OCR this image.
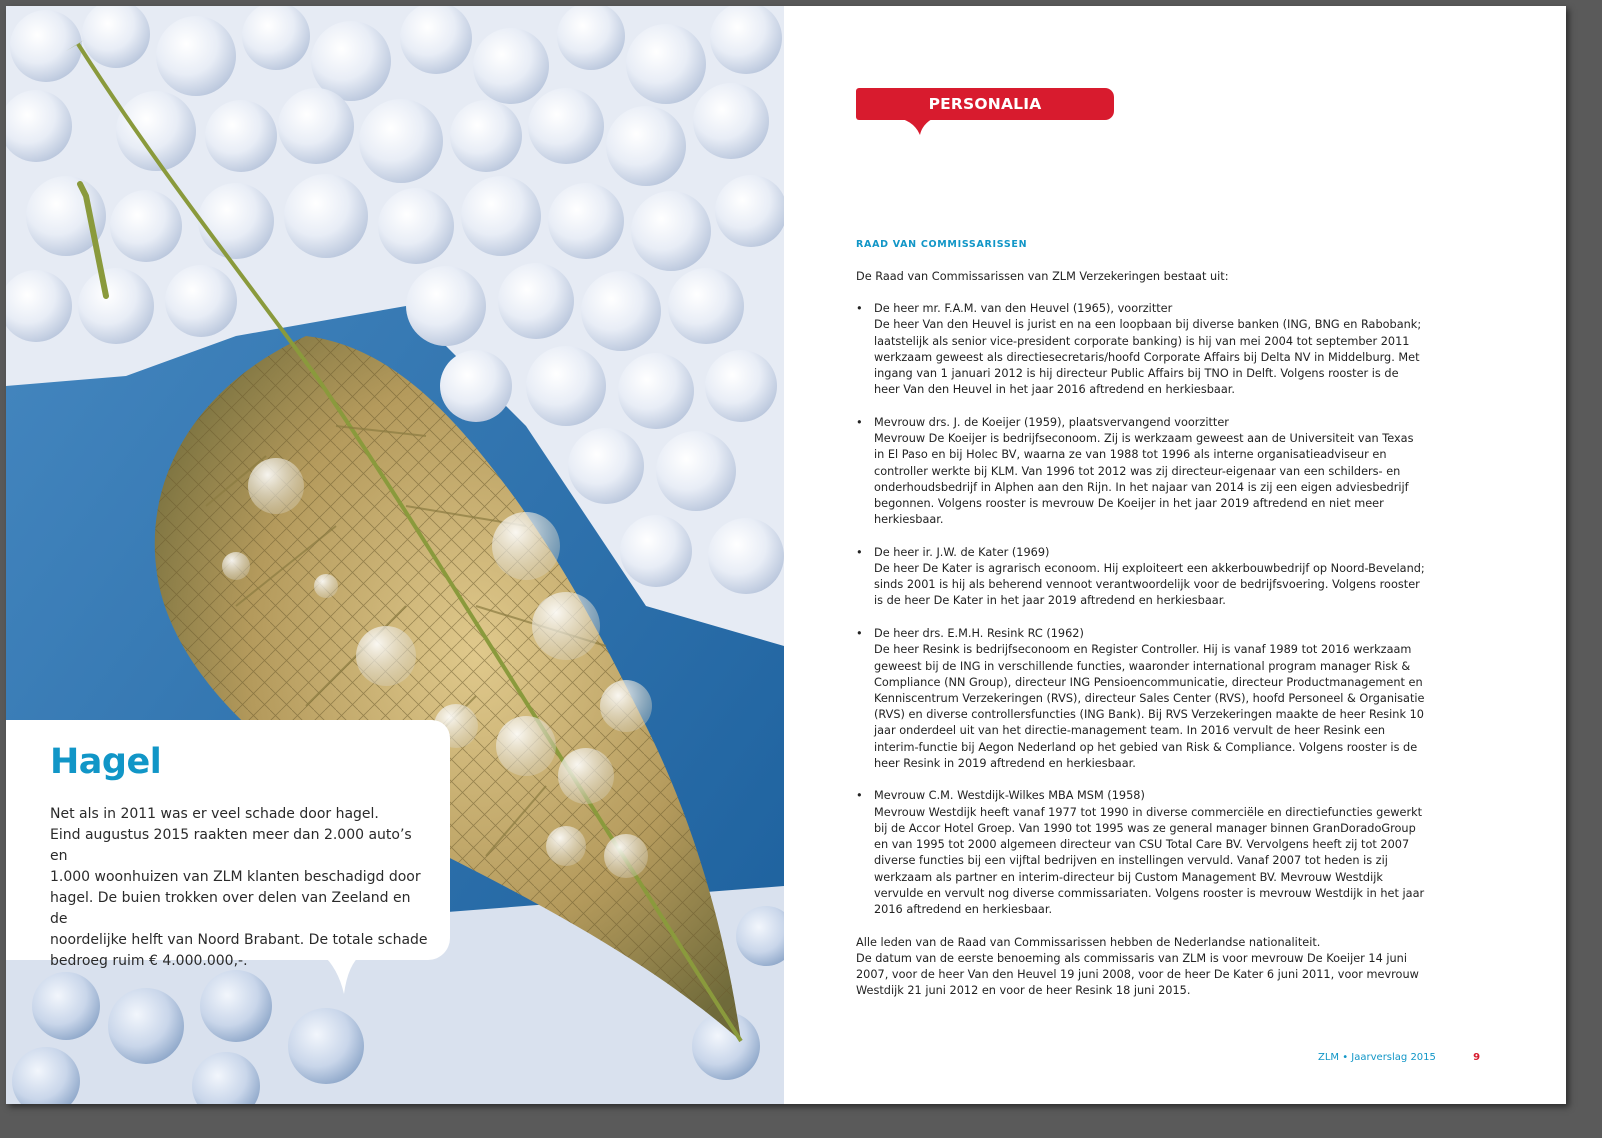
Hagel

Net als in 2011 was er veel schade door hagel.
Eind augustus 2015 raakten meer dan 2.000 auto’s en
1.000 woonhuizen van ZLM klanten beschadigd door
hagel. De buien trokken over delen van Zeeland en de
noordelijke helft van Noord Brabant. De totale schade
bedroeg ruim € 4.000.000,-.

PERSONALIA
RAAD VAN COMMISSARISSEN

De Raad van Commissarissen van ZLM Verzekeringen bestaat uit:

• De heer mr. F.A.M. van den Heuvel (1965), voorzitter
De heer Van den Heuvel is jurist en na een loopbaan bij diverse banken (ING, BNG en Rabobank; laatstelijk als senior vice-president corporate banking) is hij van mei 2004 tot september 2011 werkzaam geweest als directiesecretaris/hoofd Corporate Affairs bij Delta NV in Middelburg. Met ingang van 1 januari 2012 is hij directeur Public Affairs bij TNO in Delft. Volgens rooster is de heer Van den Heuvel in het jaar 2016 aftredend en herkiesbaar.
• Mevrouw drs. J. de Koeijer (1959), plaatsvervangend voorzitter
Mevrouw De Koeijer is bedrijfseconoom. Zij is werkzaam geweest aan de Universiteit van Texas in El Paso en bij Holec BV, waarna ze van 1988 tot 1996 als interne organisatieadviseur en controller werkte bij KLM. Van 1996 tot 2012 was zij directeur-eigenaar van een schilders- en onderhoudsbedrijf in Alphen aan den Rijn. In het najaar van 2014 is zij een eigen adviesbedrijf begonnen. Volgens rooster is mevrouw De Koeijer in het jaar 2019 aftredend en niet meer herkiesbaar.
• De heer ir. J.W. de Kater (1969)
De heer De Kater is agrarisch econoom. Hij exploiteert een akkerbouwbedrijf op Noord-Beveland; sinds 2001 is hij als beherend vennoot verantwoordelijk voor de bedrijfsvoering. Volgens rooster is de heer De Kater in het jaar 2019 aftredend en herkiesbaar.
• De heer drs. E.M.H. Resink RC (1962)
De heer Resink is bedrijfseconoom en Register Controller. Hij is vanaf 1989 tot 2016 werkzaam geweest bij de ING in verschillende functies, waaronder international program manager Risk & Compliance (NN Group), directeur ING Pensioencommunicatie, directeur Productmanagement en Kenniscentrum Verzekeringen (RVS), directeur Sales Center (RVS), hoofd Personeel & Organisatie (RVS) en diverse controllersfuncties (ING Bank). Bij RVS Verzekeringen maakte de heer Resink 10 jaar onderdeel uit van het directie-management team. In 2016 vervult de heer Resink een interim-functie bij Aegon Nederland op het gebied van Risk & Compliance. Volgens rooster is de heer Resink in 2019 aftredend en herkiesbaar.
• Mevrouw C.M. Westdijk-Wilkes MBA MSM (1958)
Mevrouw Westdijk heeft vanaf 1977 tot 1990 in diverse commerciële en directiefuncties gewerkt bij de Accor Hotel Groep. Van 1990 tot 1995 was ze general manager binnen GranDoradoGroup en van 1995 tot 2000 algemeen directeur van CSU Total Care BV. Vervolgens heeft zij tot 2007 diverse functies bij een vijftal bedrijven en instellingen vervuld. Vanaf 2007 tot heden is zij werkzaam als partner en interim-directeur bij Custom Management BV. Mevrouw Westdijk vervulde en vervult nog diverse commissariaten. Volgens rooster is mevrouw Westdijk in het jaar 2016 aftredend en herkiesbaar.

Alle leden van de Raad van Commissarissen hebben de Nederlandse nationaliteit.

De datum van de eerste benoeming als commissaris van ZLM is voor mevrouw De Koeijer 14 juni 2007, voor de heer Van den Heuvel 19 juni 2008, voor de heer De Kater 6 juni 2011, voor mevrouw Westdijk 21 juni 2012 en voor de heer Resink 18 juni 2015.

ZLM • Jaarverslag 2015	9
